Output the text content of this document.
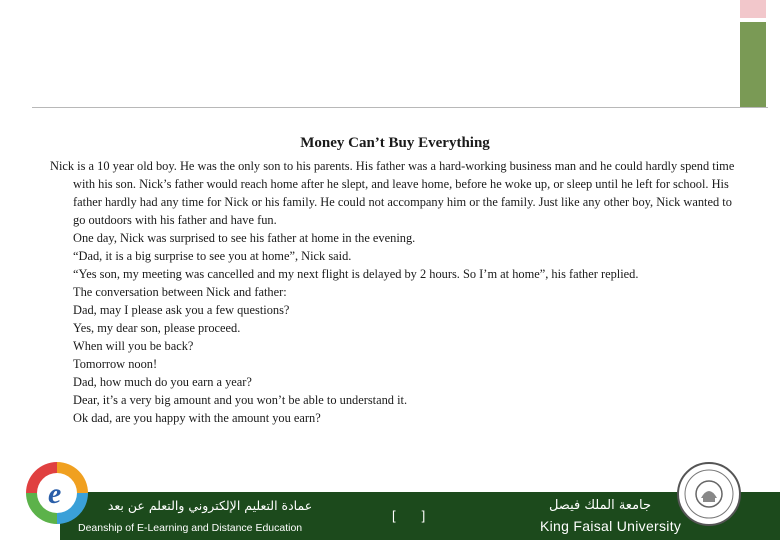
Money Can’t Buy Everything

Nick is a 10 year old boy. He was the only son to his parents. His father was a hard-working business man and he could hardly spend time with his son. Nick’s father would reach home after he slept, and leave home, before he woke up, or sleep until he left for school. His father hardly had any time for Nick or his family. He could not accompany him or the family. Just like any other boy, Nick wanted to go outdoors with his father and have fun.

One day, Nick was surprised to see his father at home in the evening.

“Dad, it is a big surprise to see you at home”, Nick said.

“Yes son, my meeting was cancelled and my next flight is delayed by 2 hours. So I’m at home”, his father replied.

The conversation between Nick and father:

Dad, may I please ask you a few questions?

Yes, my dear son, please proceed.

When will you be back?

Tomorrow noon!

Dad, how much do you earn a year?

Dear, it’s a very big amount and you won’t be able to understand it.

Ok dad, are you happy with the amount you earn?

e	عمادة التعليم الإلكتروني والتعلم عن بعد
Deanship of E-Learning and Distance Education
[ ]
جامعة الملك فيصل
King Faisal University
